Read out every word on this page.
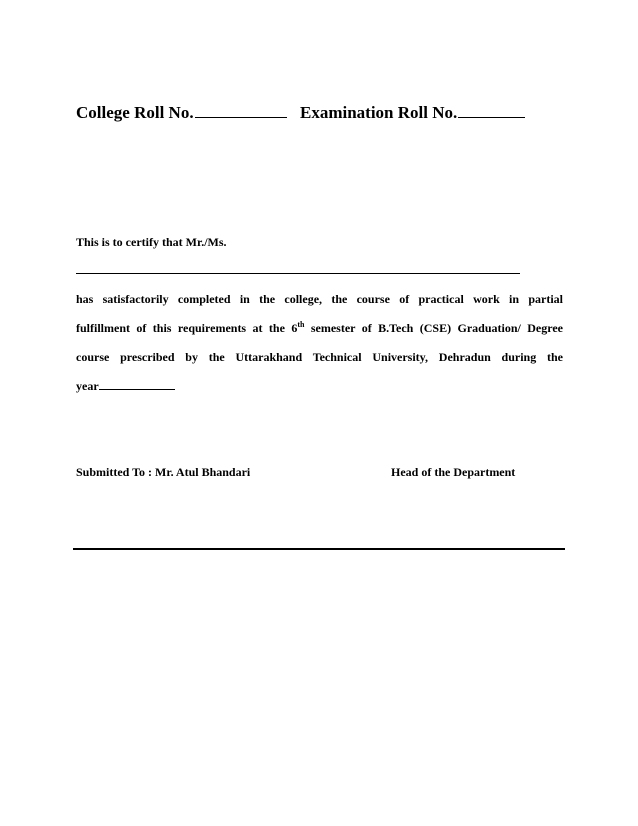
College Roll No.	Examination Roll No.
This is to certify that Mr./Ms.
has satisfactorily completed in the college, the course of practical work in partial
fulfillment of this requirements at the 6th semester of B.Tech (CSE) Graduation/ Degree
course prescribed by the Uttarakhand Technical University, Dehradun during the
year
Submitted To : Mr. Atul Bhandari	Head of the Department
